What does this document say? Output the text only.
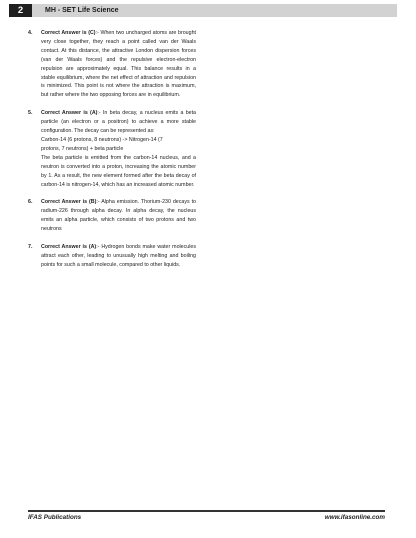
2	MH - SET Life Science
4. Correct Answer is (C):- When two uncharged atoms are brought very close together, they reach a point called van der Waals contact. At this distance, the attractive London dispersion forces (van der Waals forces) and the repulsive electron-electron repulsion are approximately equal. This balance results in a stable equilibrium, where the net effect of attraction and repulsion is minimized. This point is not where the attraction is maximum, but rather where the two opposing forces are in equilibrium.
5. Correct Answer is (A):- In beta decay, a nucleus emits a beta particle (an electron or a positron) to achieve a more stable configuration. The decay can be represented as:
Carbon-14 (6 protons, 8 neutrons) -> Nitrogen-14 (7
protons, 7 neutrons) + beta particle
The beta particle is emitted from the carbon-14 nucleus, and a neutron is converted into a proton, increasing the atomic number by 1. As a result, the new element formed after the beta decay of carbon-14 is nitrogen-14, which has an increased atomic number.
6. Correct Answer is (B):- Alpha emission. Thorium-230 decays to radium-226 through alpha decay. In alpha decay, the nucleus emits an alpha particle, which consists of two protons and two neutrons
7. Correct Answer is (A):- Hydrogen bonds make water molecules attract each other, leading to unusually high melting and boiling points for such a small molecule, compared to other liquids.
IFAS Publications	www.ifasonline.com
